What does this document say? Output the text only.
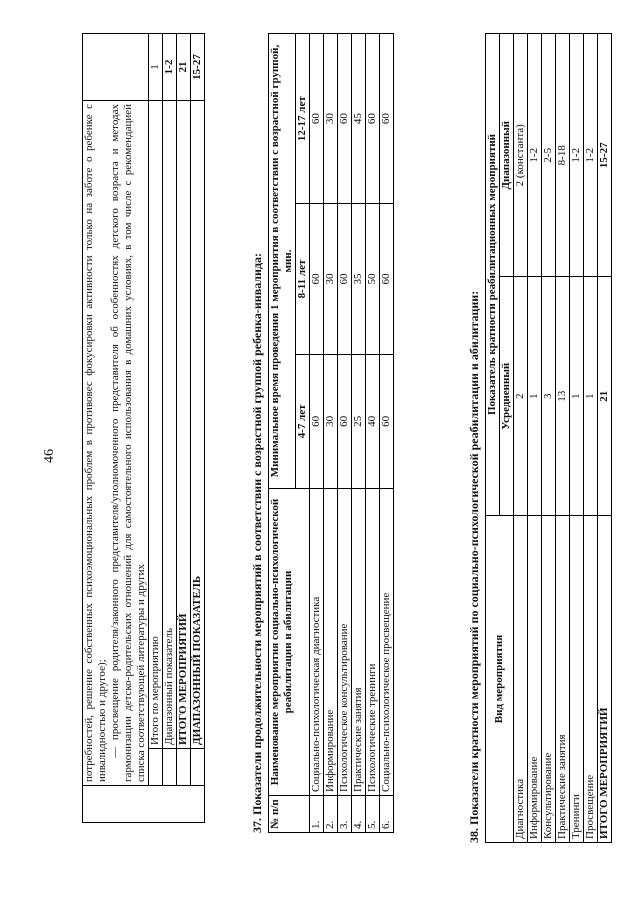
46

	потребностей, решение собственных психоэмоциональных проблем в противовес фокусировки активности только на заботе о ребенке с инвалидностью и другое); — просвещение родителя/законного представителя/уполномоченного представителя об особенностях детского возраста и методах гармонизации детско-родительских отношений для самостоятельного использования в домашних условиях, в том числе с рекомендацией списка соответствующей литературы и других		

		Итого по мероприятию	1
		Диапазонный показатель	1-2
		ИТОГО МЕРОПРИЯТИЙ	21
		ДИАПАЗОННЫЙ ПОКАЗАТЕЛЬ	15-27
37. Показатели продолжительности мероприятий в соответствии с возрастной группой ребенка-инвалида: № п/п	Наименование мероприятия социально-психологической реабилитации и абилитации	Минимальное время проведения 1 мероприятия в соответствии с возрастной группой, мин.		
		4-7 лет	8-11 лет	12-17 лет
1.	Социально-психологическая диагностика	60	60	60
2.	Информирование	30	30	30
3.	Психологическое консультирование	60	60	60
4.	Практические занятия	25	35	45
5.	Психологические тренинги	40	50	60
6.	Социально-психологическое просвещение	60	60	60
38. Показатели кратности мероприятий по социально-психологической реабилитации и абилитации: Вид мероприятия	Показатель кратности реабилитационных мероприятий	
	Усредненный	Диапазонный
Диагностика	2	2 (константа)
Информирование	1	1-2
Консультирование	3	2-5
Практические занятия	13	8-18
Тренинги	1	1-2
Просвещение	1	1-2
ИТОГО МЕРОПРИЯТИЙ	21	15-27
